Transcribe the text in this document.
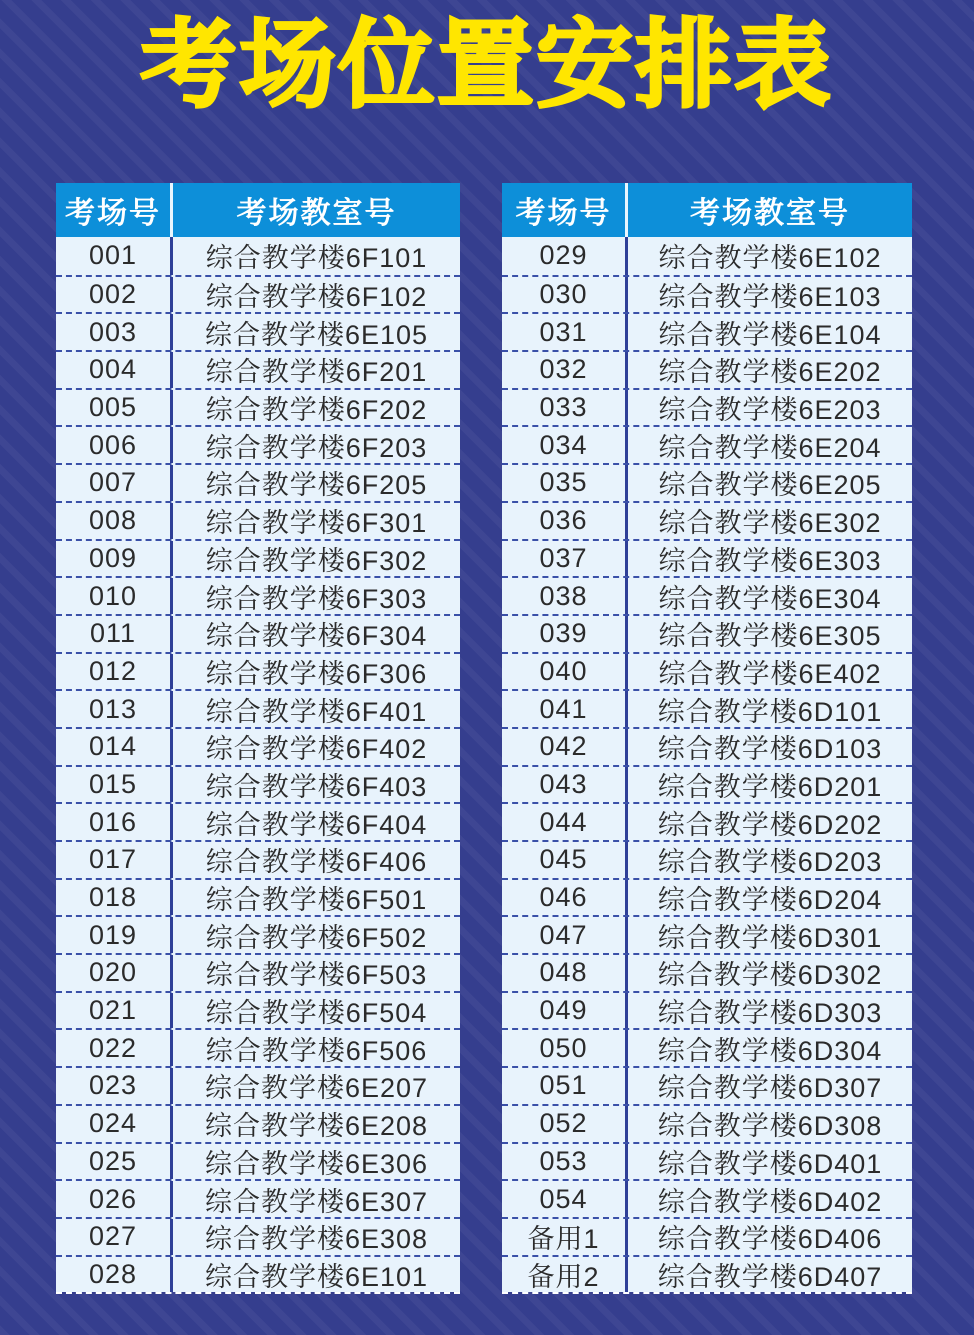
考场位置安排表
考场号	考场教室号
001	综合教学楼6F101
002	综合教学楼6F102
003	综合教学楼6E105
004	综合教学楼6F201
005	综合教学楼6F202
006	综合教学楼6F203
007	综合教学楼6F205
008	综合教学楼6F301
009	综合教学楼6F302
010	综合教学楼6F303
011	综合教学楼6F304
012	综合教学楼6F306
013	综合教学楼6F401
014	综合教学楼6F402
015	综合教学楼6F403
016	综合教学楼6F404
017	综合教学楼6F406
018	综合教学楼6F501
019	综合教学楼6F502
020	综合教学楼6F503
021	综合教学楼6F504
022	综合教学楼6F506
023	综合教学楼6E207
024	综合教学楼6E208
025	综合教学楼6E306
026	综合教学楼6E307
027	综合教学楼6E308
028	综合教学楼6E101
考场号	考场教室号
029	综合教学楼6E102
030	综合教学楼6E103
031	综合教学楼6E104
032	综合教学楼6E202
033	综合教学楼6E203
034	综合教学楼6E204
035	综合教学楼6E205
036	综合教学楼6E302
037	综合教学楼6E303
038	综合教学楼6E304
039	综合教学楼6E305
040	综合教学楼6E402
041	综合教学楼6D101
042	综合教学楼6D103
043	综合教学楼6D201
044	综合教学楼6D202
045	综合教学楼6D203
046	综合教学楼6D204
047	综合教学楼6D301
048	综合教学楼6D302
049	综合教学楼6D303
050	综合教学楼6D304
051	综合教学楼6D307
052	综合教学楼6D308
053	综合教学楼6D401
054	综合教学楼6D402
备用1	综合教学楼6D406
备用2	综合教学楼6D407
